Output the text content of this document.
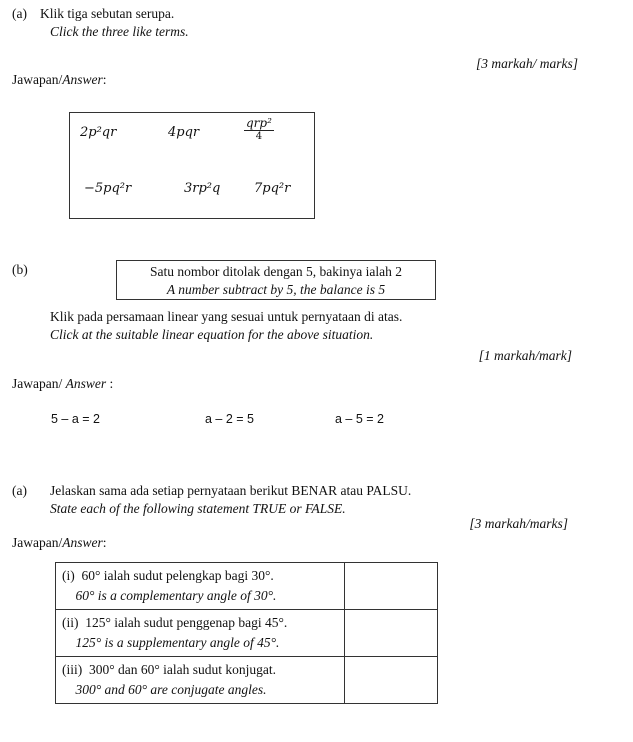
(a) Klik tiga sebutan serupa.
Click the three like terms.
[3 markah/ marks]
Jawapan/Answer:
2p²qr	4pqr	$\frac{\text{qrp²}}{4}$
−5pq²r	3rp²q	7pq²r
(b)	Satu nombor ditolak dengan 5, bakinya ialah 2
A number subtract by 5, the balance is 5
Klik pada persamaan linear yang sesuai untuk pernyataan di atas.
Click at the suitable linear equation for the above situation.
[1 markah/mark]
Jawapan/ Answer :
5 – a = 2	a – 2 = 5	a – 5 = 2
(a) Jelaskan sama ada setiap pernyataan berikut BENAR atau PALSU.
State each of the following statement TRUE or FALSE.
[3 markah/marks]
Jawapan/Answer:
(i) 60° ialah sudut pelengkap bagi 30°.
60° is a complementary angle of 30°.	
(ii) 125° ialah sudut penggenap bagi 45°.
125° is a supplementary angle of 45°.	
(iii) 300° dan 60° ialah sudut konjugat.
300° and 60° are conjugate angles.	
